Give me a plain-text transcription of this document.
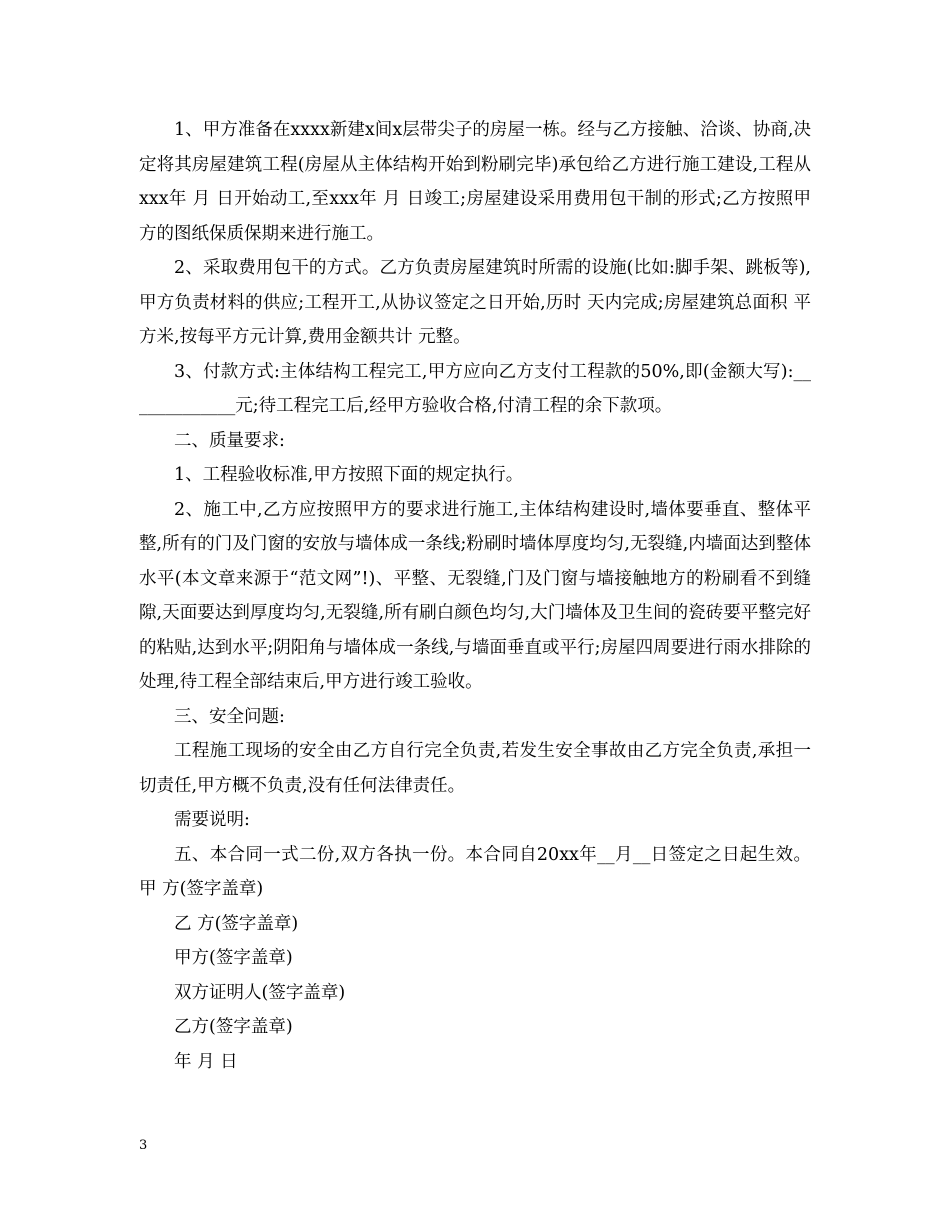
1、甲方准备在xxxx新建x间x层带尖子的房屋一栋。经与乙方接触、洽谈、协商,决定将其房屋建筑工程(房屋从主体结构开始到粉刷完毕)承包给乙方进行施工建设,工程从xxx年 月 日开始动工,至xxx年 月 日竣工;房屋建设采用费用包干制的形式;乙方按照甲方的图纸保质保期来进行施工。

2、采取费用包干的方式。乙方负责房屋建筑时所需的设施(比如:脚手架、跳板等),甲方负责材料的供应;工程开工,从协议签定之日开始,历时 天内完成;房屋建筑总面积 平方米,按每平方元计算,费用金额共计 元整。

3、付款方式:主体结构工程完工,甲方应向乙方支付工程款的50%,即(金额大写):_____________元;待工程完工后,经甲方验收合格,付清工程的余下款项。

二、质量要求:

1、工程验收标准,甲方按照下面的规定执行。

2、施工中,乙方应按照甲方的要求进行施工,主体结构建设时,墙体要垂直、整体平整,所有的门及门窗的安放与墙体成一条线;粉刷时墙体厚度均匀,无裂缝,内墙面达到整体水平(本文章来源于“范文网”!)、平整、无裂缝,门及门窗与墙接触地方的粉刷看不到缝隙,天面要达到厚度均匀,无裂缝,所有刷白颜色均匀,大门墙体及卫生间的瓷砖要平整完好的粘贴,达到水平;阴阳角与墙体成一条线,与墙面垂直或平行;房屋四周要进行雨水排除的处理,待工程全部结束后,甲方进行竣工验收。

三、安全问题:

工程施工现场的安全由乙方自行完全负责,若发生安全事故由乙方完全负责,承担一切责任,甲方概不负责,没有任何法律责任。

需要说明:

五、本合同一式二份,双方各执一份。本合同自20xx年__月__日签定之日起生效。 甲 方(签字盖章)

乙 方(签字盖章)

甲方(签字盖章)

双方证明人(签字盖章)

乙方(签字盖章)

年 月 日

3
